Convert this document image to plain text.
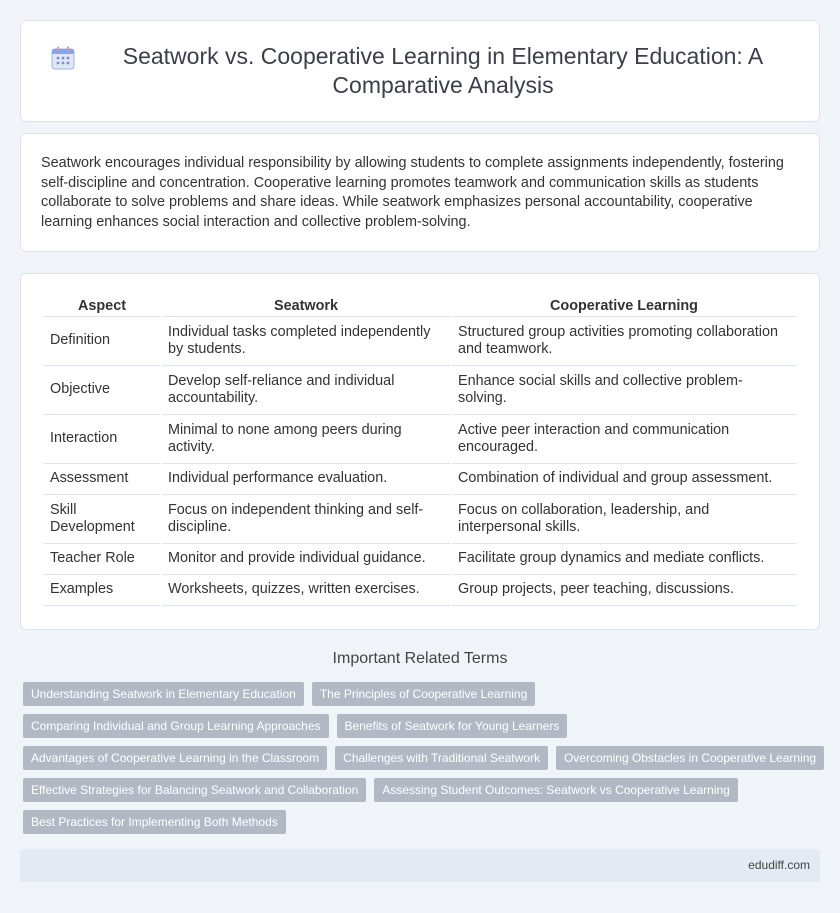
Seatwork vs. Cooperative Learning in Elementary Education: A Comparative Analysis

Seatwork encourages individual responsibility by allowing students to complete assignments independently, fostering self-discipline and concentration. Cooperative learning promotes teamwork and communication skills as students collaborate to solve problems and share ideas. While seatwork emphasizes personal accountability, cooperative learning enhances social interaction and collective problem-solving.

Aspect	Seatwork	Cooperative Learning
Definition	Individual tasks completed independently by students.	Structured group activities promoting collaboration and teamwork.
Objective	Develop self-reliance and individual accountability.	Enhance social skills and collective problem-solving.
Interaction	Minimal to none among peers during activity.	Active peer interaction and communication encouraged.
Assessment	Individual performance evaluation.	Combination of individual and group assessment.
Skill Development	Focus on independent thinking and self-discipline.	Focus on collaboration, leadership, and interpersonal skills.
Teacher Role	Monitor and provide individual guidance.	Facilitate group dynamics and mediate conflicts.
Examples	Worksheets, quizzes, written exercises.	Group projects, peer teaching, discussions.
Important Related Terms
Understanding Seatwork in Elementary Education	The Principles of Cooperative Learning
Comparing Individual and Group Learning Approaches	Benefits of Seatwork for Young Learners
Advantages of Cooperative Learning in the Classroom	Challenges with Traditional Seatwork	Overcoming Obstacles in Cooperative Learning
Effective Strategies for Balancing Seatwork and Collaboration	Assessing Student Outcomes: Seatwork vs Cooperative Learning
Best Practices for Implementing Both Methods
edudiff.com
